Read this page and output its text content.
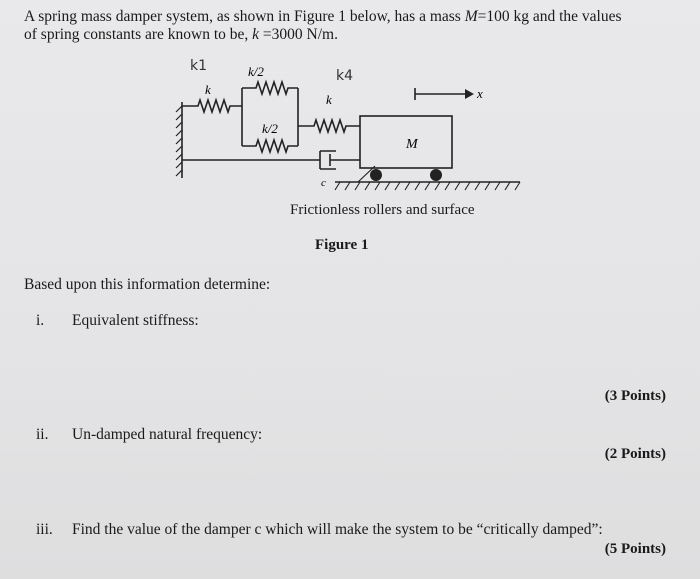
A spring mass damper system, as shown in Figure 1 below, has a mass M=100 kg and the values

of spring constants are known to be, k =3000 N/m.

k1
k4
k
k/2
k/2
k
M
x
c
Frictionless rollers and surface
Figure 1
Based upon this information determine:
i. Equivalent stiffness:
(3 Points)
ii. Un-damped natural frequency:
(2 Points)
iii. Find the value of the damper c which will make the system to be “critically damped”:
(5 Points)
